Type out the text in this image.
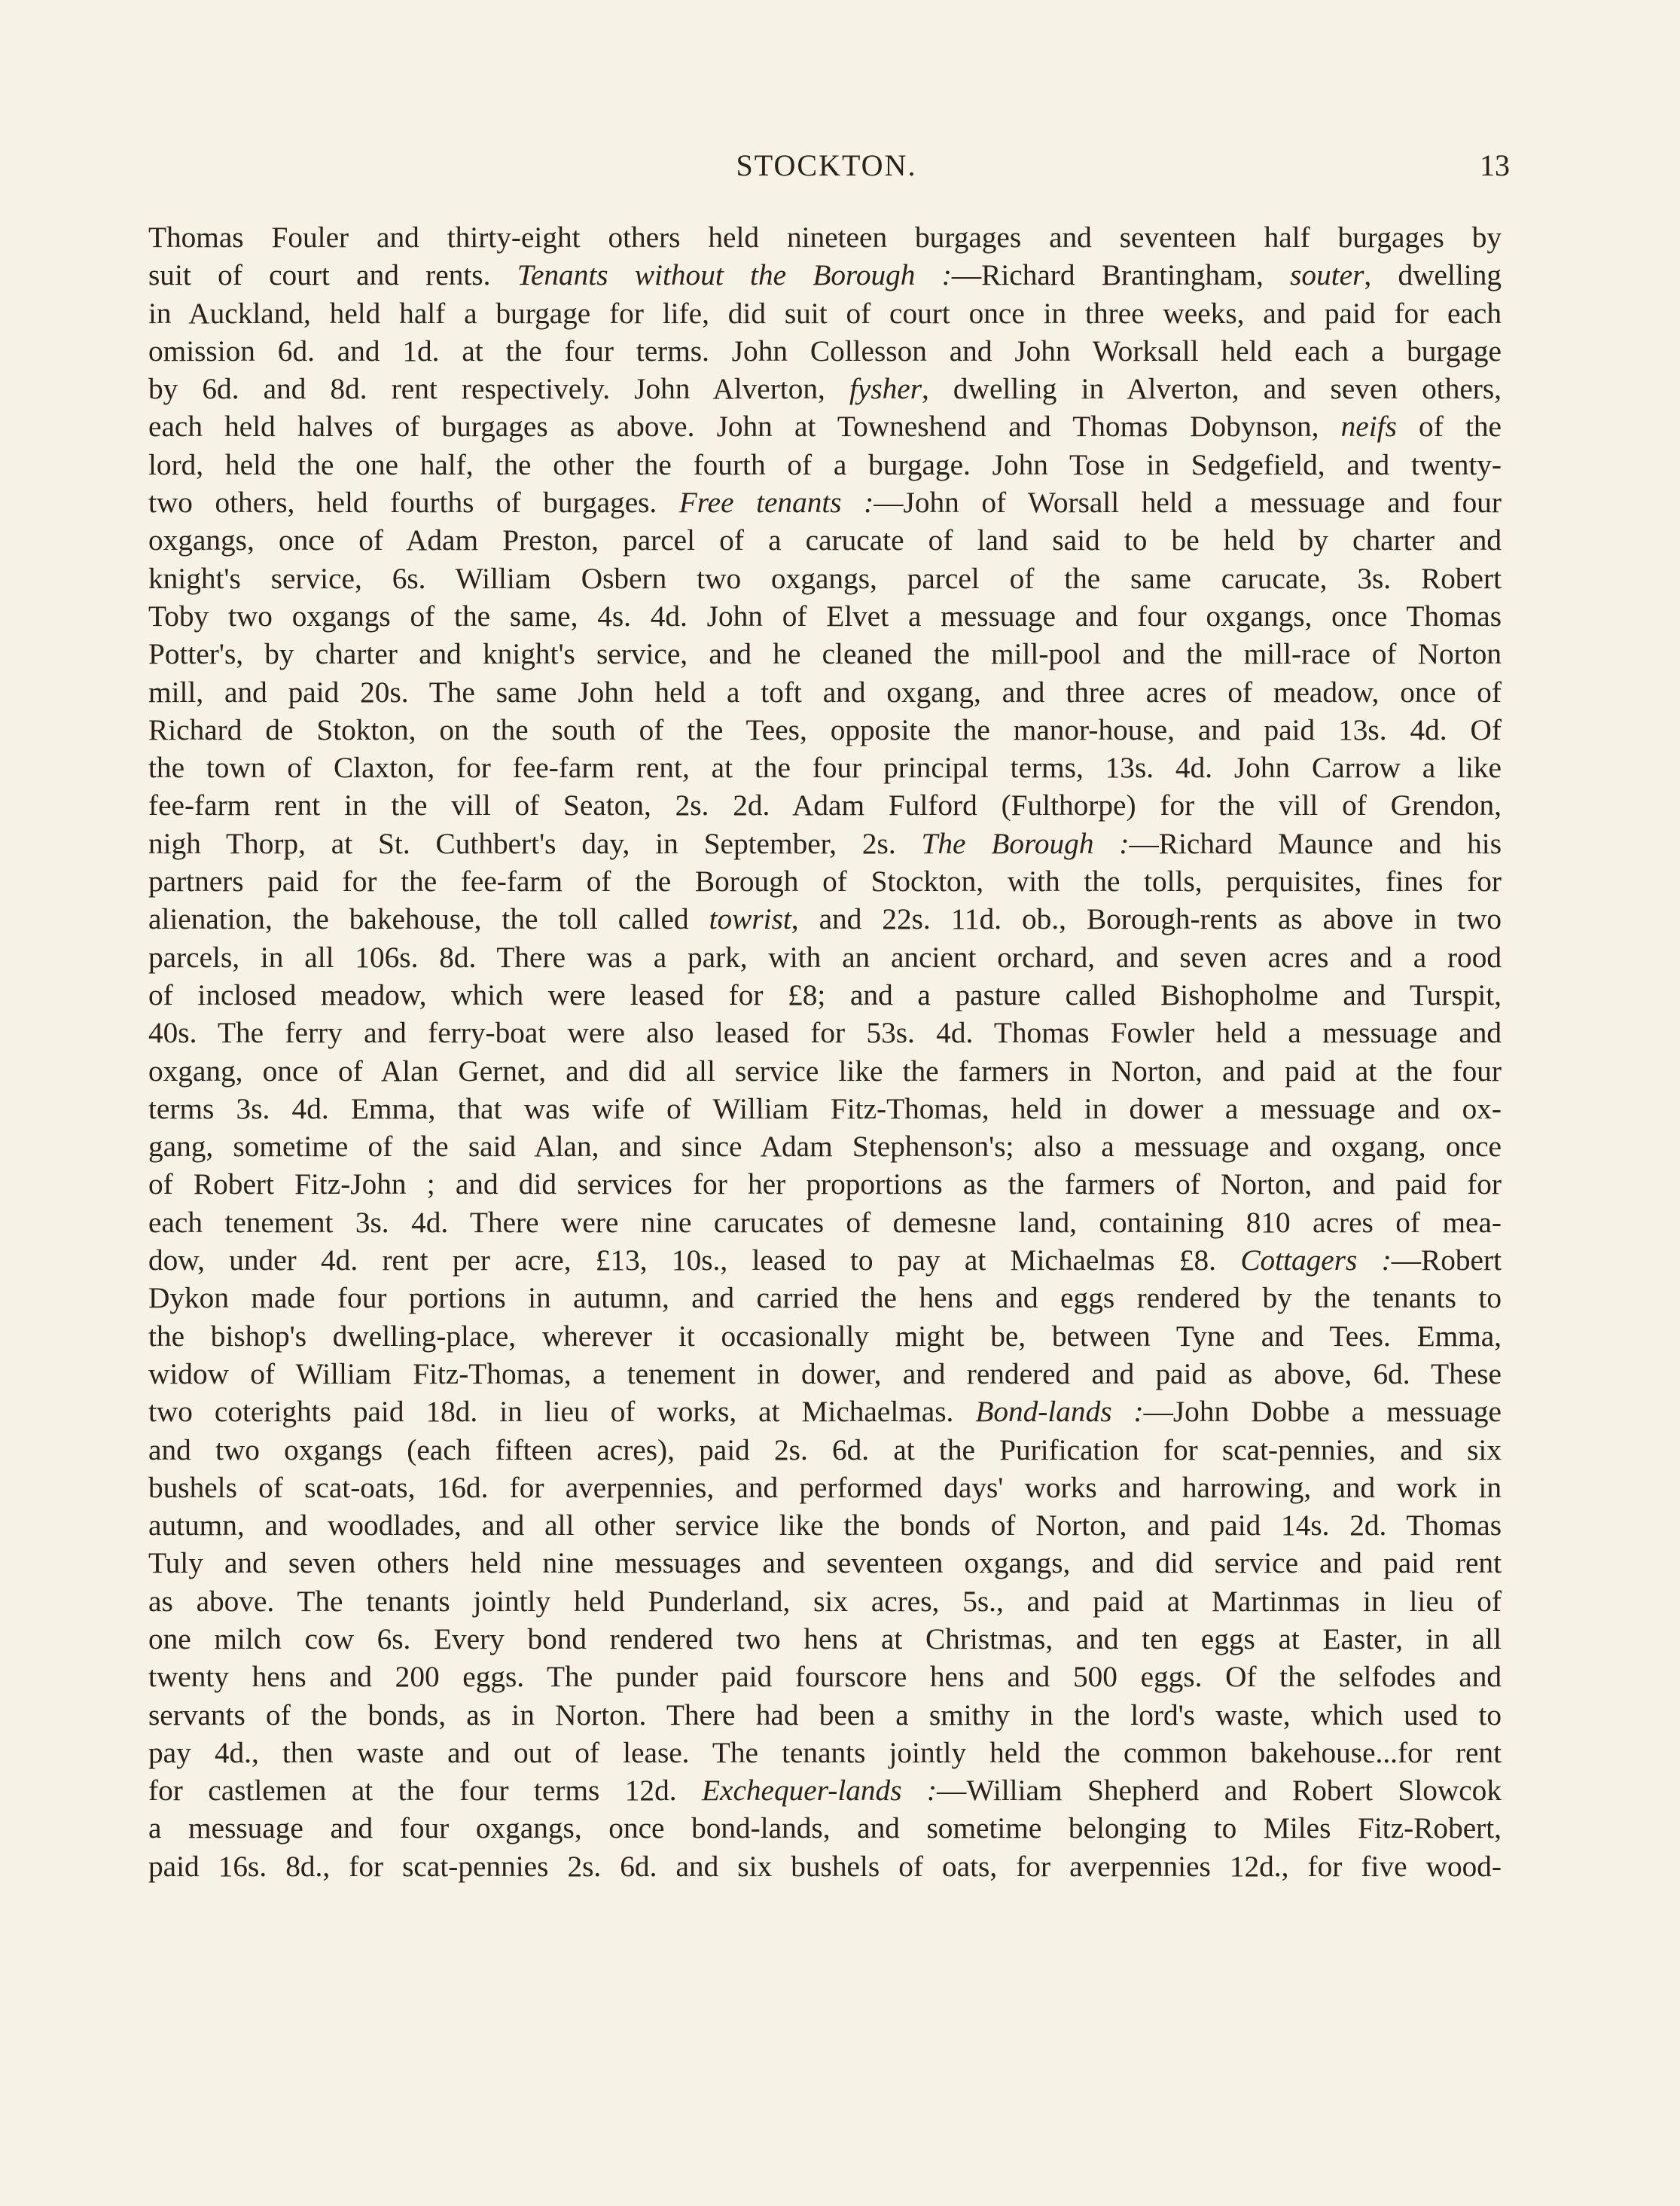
STOCKTON.	13
Thomas Fouler and thirty-eight others held nineteen burgages and seventeen half burgages by
suit of court and rents. Tenants without the Borough :—Richard Brantingham, souter, dwelling
in Auckland, held half a burgage for life, did suit of court once in three weeks, and paid for each
omission 6d. and 1d. at the four terms. John Collesson and John Worksall held each a burgage
by 6d. and 8d. rent respectively. John Alverton, fysher, dwelling in Alverton, and seven others,
each held halves of burgages as above. John at Towneshend and Thomas Dobynson, neifs of the
lord, held the one half, the other the fourth of a burgage. John Tose in Sedgefield, and twenty-
two others, held fourths of burgages. Free tenants :—John of Worsall held a messuage and four
oxgangs, once of Adam Preston, parcel of a carucate of land said to be held by charter and
knight's service, 6s. William Osbern two oxgangs, parcel of the same carucate, 3s. Robert
Toby two oxgangs of the same, 4s. 4d. John of Elvet a messuage and four oxgangs, once Thomas
Potter's, by charter and knight's service, and he cleaned the mill-pool and the mill-race of Norton
mill, and paid 20s. The same John held a toft and oxgang, and three acres of meadow, once of
Richard de Stokton, on the south of the Tees, opposite the manor-house, and paid 13s. 4d. Of
the town of Claxton, for fee-farm rent, at the four principal terms, 13s. 4d. John Carrow a like
fee-farm rent in the vill of Seaton, 2s. 2d. Adam Fulford (Fulthorpe) for the vill of Grendon,
nigh Thorp, at St. Cuthbert's day, in September, 2s. The Borough :—Richard Maunce and his
partners paid for the fee-farm of the Borough of Stockton, with the tolls, perquisites, fines for
alienation, the bakehouse, the toll called towrist, and 22s. 11d. ob., Borough-rents as above in two
parcels, in all 106s. 8d. There was a park, with an ancient orchard, and seven acres and a rood
of inclosed meadow, which were leased for £8; and a pasture called Bishopholme and Turspit,
40s. The ferry and ferry-boat were also leased for 53s. 4d. Thomas Fowler held a messuage and
oxgang, once of Alan Gernet, and did all service like the farmers in Norton, and paid at the four
terms 3s. 4d. Emma, that was wife of William Fitz-Thomas, held in dower a messuage and ox-
gang, sometime of the said Alan, and since Adam Stephenson's; also a messuage and oxgang, once
of Robert Fitz-John ; and did services for her proportions as the farmers of Norton, and paid for
each tenement 3s. 4d. There were nine carucates of demesne land, containing 810 acres of mea-
dow, under 4d. rent per acre, £13, 10s., leased to pay at Michaelmas £8. Cottagers :—Robert
Dykon made four portions in autumn, and carried the hens and eggs rendered by the tenants to
the bishop's dwelling-place, wherever it occasionally might be, between Tyne and Tees. Emma,
widow of William Fitz-Thomas, a tenement in dower, and rendered and paid as above, 6d. These
two coterights paid 18d. in lieu of works, at Michaelmas. Bond-lands :—John Dobbe a messuage
and two oxgangs (each fifteen acres), paid 2s. 6d. at the Purification for scat-pennies, and six
bushels of scat-oats, 16d. for averpennies, and performed days' works and harrowing, and work in
autumn, and woodlades, and all other service like the bonds of Norton, and paid 14s. 2d. Thomas
Tuly and seven others held nine messuages and seventeen oxgangs, and did service and paid rent
as above. The tenants jointly held Punderland, six acres, 5s., and paid at Martinmas in lieu of
one milch cow 6s. Every bond rendered two hens at Christmas, and ten eggs at Easter, in all
twenty hens and 200 eggs. The punder paid fourscore hens and 500 eggs. Of the selfodes and
servants of the bonds, as in Norton. There had been a smithy in the lord's waste, which used to
pay 4d., then waste and out of lease. The tenants jointly held the common bakehouse...for rent
for castlemen at the four terms 12d. Exchequer-lands :—William Shepherd and Robert Slowcok
a messuage and four oxgangs, once bond-lands, and sometime belonging to Miles Fitz-Robert,
paid 16s. 8d., for scat-pennies 2s. 6d. and six bushels of oats, for averpennies 12d., for five wood-
